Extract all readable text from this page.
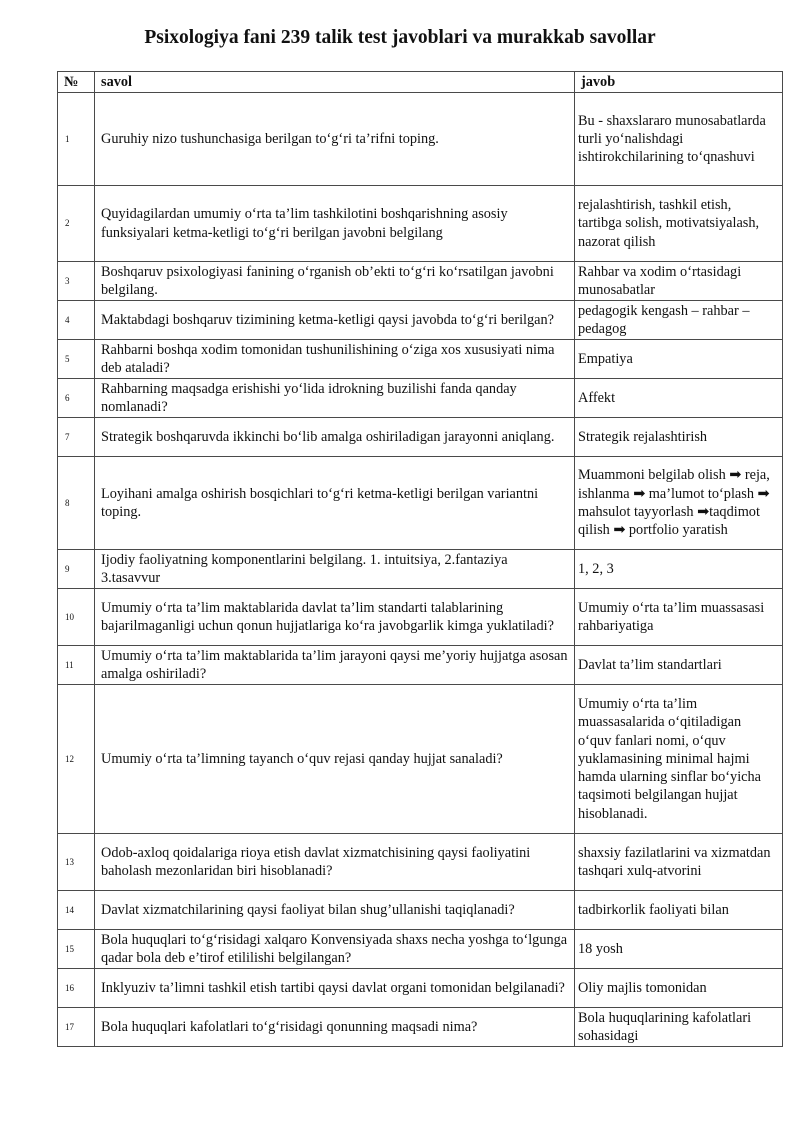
Psixologiya fani 239 talik test javoblari va murakkab savollar
№	savol	javob
1	Guruhiy nizo tushunchasiga berilgan to‘g‘ri ta’rifni toping.	Bu - shaxslararo munosabatlarda turli yo‘nalishdagi ishtirokchilarining to‘qnashuvi
2	Quyidagilardan umumiy o‘rta ta’lim tashkilotini boshqarishning asosiy funksiyalari ketma-ketligi to‘g‘ri berilgan javobni belgilang	rejalashtirish, tashkil etish, tartibga solish, motivatsiyalash, nazorat qilish
3	Boshqaruv psixologiyasi fanining o‘rganish ob’ekti to‘g‘ri ko‘rsatilgan javobni belgilang.	Rahbar va xodim o‘rtasidagi munosabatlar
4	Maktabdagi boshqaruv tizimining ketma-ketligi qaysi javobda to‘g‘ri berilgan?	pedagogik kengash – rahbar – pedagog
5	Rahbarni boshqa xodim tomonidan tushunilishining o‘ziga xos xususiyati nima deb ataladi?	Empatiya
6	Rahbarning maqsadga erishishi yo‘lida idrokning buzilishi fanda qanday nomlanadi?	Affekt
7	Strategik boshqaruvda ikkinchi bo‘lib amalga oshiriladigan jarayonni aniqlang.	Strategik rejalashtirish
8	Loyihani amalga oshirish bosqichlari to‘g‘ri ketma-ketligi berilgan variantni toping.	Muammoni belgilab olish ➡ reja, ishlanma ➡ ma’lumot to‘plash ➡ mahsulot tayyorlash ➡taqdimot qilish ➡ portfolio yaratish
9	Ijodiy faoliyatning komponentlarini belgilang. 1. intuitsiya, 2.fantaziya 3.tasavvur	1, 2, 3
10	Umumiy o‘rta ta’lim maktablarida davlat ta’lim standarti talablarining bajarilmaganligi uchun qonun hujjatlariga ko‘ra javobgarlik kimga yuklatiladi?	Umumiy o‘rta ta’lim muassasasi rahbariyatiga
11	Umumiy o‘rta ta’lim maktablarida ta’lim jarayoni qaysi me’yoriy hujjatga asosan amalga oshiriladi?	Davlat ta’lim standartlari
12	Umumiy o‘rta ta’limning tayanch o‘quv rejasi qanday hujjat sanaladi?	Umumiy o‘rta ta’lim muassasalarida o‘qitiladigan o‘quv fanlari nomi, o‘quv yuklamasining minimal hajmi hamda ularning sinflar bo‘yicha taqsimoti belgilangan hujjat hisoblanadi.
13	Odob-axloq qoidalariga rioya etish davlat xizmatchisining qaysi faoliyatini baholash mezonlaridan biri hisoblanadi?	shaxsiy fazilatlarini va xizmatdan tashqari xulq-atvorini
14	Davlat xizmatchilarining qaysi faoliyat bilan shug’ullanishi taqiqlanadi?	tadbirkorlik faoliyati bilan
15	Bola huquqlari to‘g‘risidagi xalqaro Konvensiyada shaxs necha yoshga to‘lgunga qadar bola deb e’tirof etililishi belgilangan?	18 yosh
16	Inklyuziv ta’limni tashkil etish tartibi qaysi davlat organi tomonidan belgilanadi?	Oliy majlis tomonidan
17	Bola huquqlari kafolatlari to‘g‘risidagi qonunning maqsadi nima?	Bola huquqlarining kafolatlari sohasidagi
